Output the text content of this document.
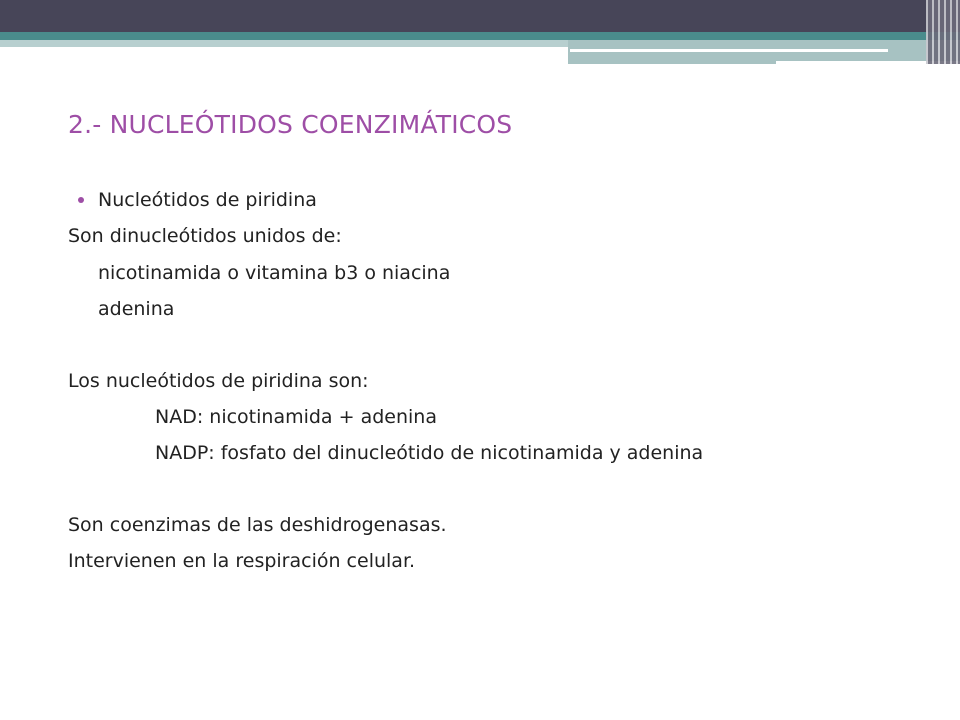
2.- NUCLEÓTIDOS COENZIMÁTICOS

Nucleótidos de piridina

Son dinucleótidos unidos de:

nicotinamida o vitamina b3 o niacina

adenina

Los nucleótidos de piridina son:

NAD: nicotinamida + adenina

NADP: fosfato del dinucleótido de nicotinamida y adenina

Son coenzimas de las deshidrogenasas.

Intervienen en la respiración celular.
